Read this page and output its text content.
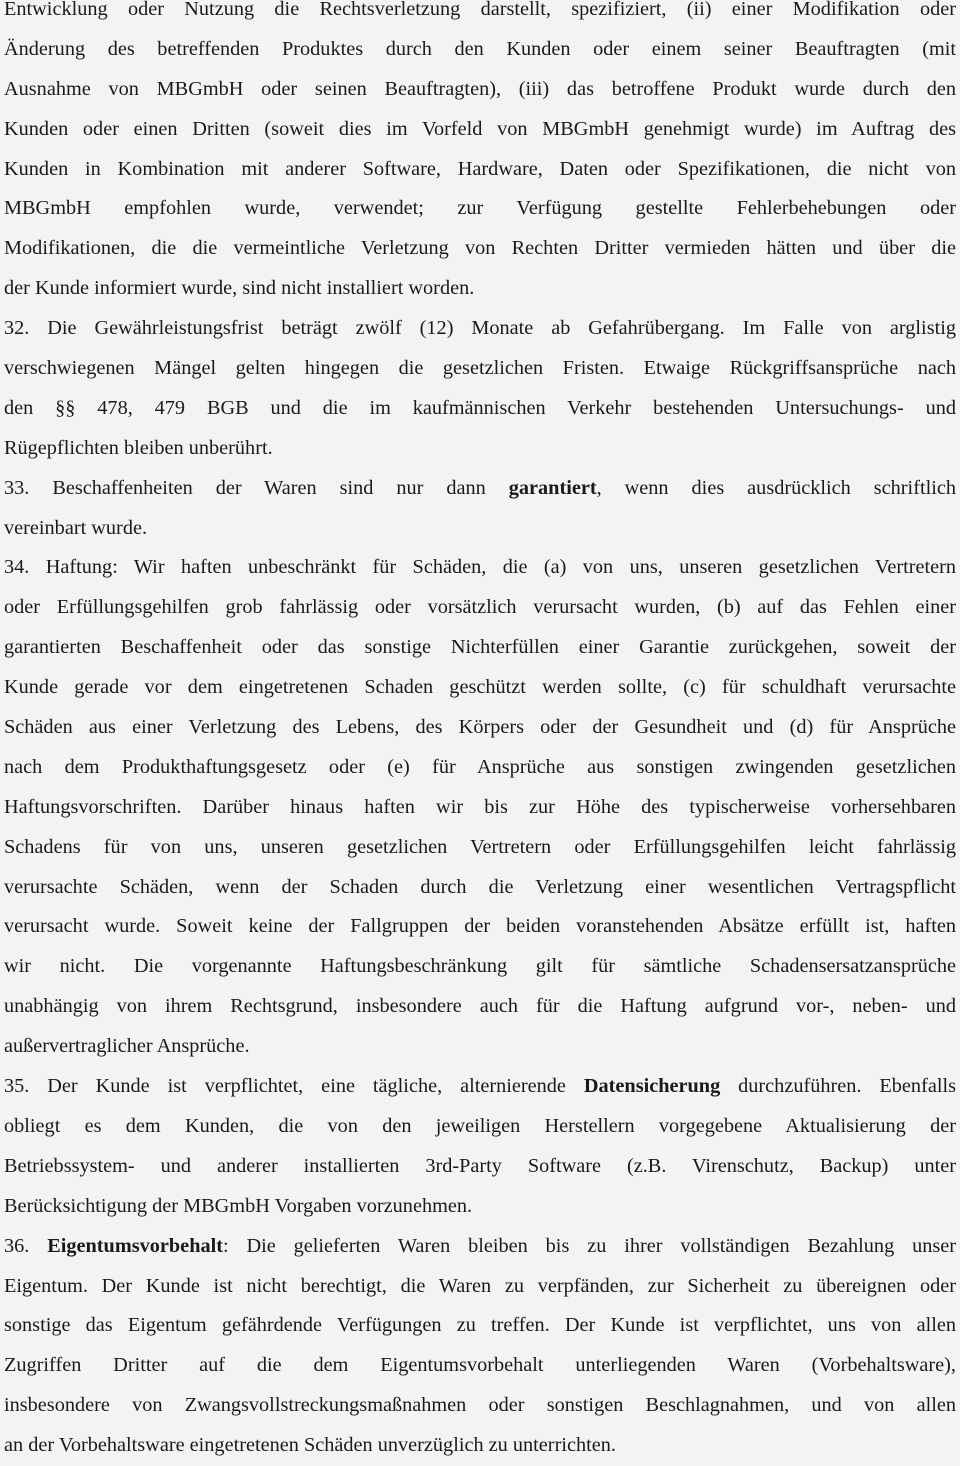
Entwicklung oder Nutzung die Rechtsverletzung darstellt, spezifiziert, (ii) einer Modifikation oder
Änderung des betreffenden Produktes durch den Kunden oder einem seiner Beauftragten (mit
Ausnahme von MBGmbH oder seinen Beauftragten), (iii) das betroffene Produkt wurde durch den
Kunden oder einen Dritten (soweit dies im Vorfeld von MBGmbH genehmigt wurde) im Auftrag des
Kunden in Kombination mit anderer Software, Hardware, Daten oder Spezifikationen, die nicht von
MBGmbH empfohlen wurde, verwendet; zur Verfügung gestellte Fehlerbehebungen oder
Modifikationen, die die vermeintliche Verletzung von Rechten Dritter vermieden hätten und über die
der Kunde informiert wurde, sind nicht installiert worden.
32. Die Gewährleistungsfrist beträgt zwölf (12) Monate ab Gefahrübergang. Im Falle von arglistig
verschwiegenen Mängel gelten hingegen die gesetzlichen Fristen. Etwaige Rückgriffsansprüche nach
den §§ 478, 479 BGB und die im kaufmännischen Verkehr bestehenden Untersuchungs- und
Rügepflichten bleiben unberührt.
33. Beschaffenheiten der Waren sind nur dann garantiert, wenn dies ausdrücklich schriftlich
vereinbart wurde.
34. Haftung: Wir haften unbeschränkt für Schäden, die (a) von uns, unseren gesetzlichen Vertretern
oder Erfüllungsgehilfen grob fahrlässig oder vorsätzlich verursacht wurden, (b) auf das Fehlen einer
garantierten Beschaffenheit oder das sonstige Nichterfüllen einer Garantie zurückgehen, soweit der
Kunde gerade vor dem eingetretenen Schaden geschützt werden sollte, (c) für schuldhaft verursachte
Schäden aus einer Verletzung des Lebens, des Körpers oder der Gesundheit und (d) für Ansprüche
nach dem Produkthaftungsgesetz oder (e) für Ansprüche aus sonstigen zwingenden gesetzlichen
Haftungsvorschriften. Darüber hinaus haften wir bis zur Höhe des typischerweise vorhersehbaren
Schadens für von uns, unseren gesetzlichen Vertretern oder Erfüllungsgehilfen leicht fahrlässig
verursachte Schäden, wenn der Schaden durch die Verletzung einer wesentlichen Vertragspflicht
verursacht wurde. Soweit keine der Fallgruppen der beiden voranstehenden Absätze erfüllt ist, haften
wir nicht. Die vorgenannte Haftungsbeschränkung gilt für sämtliche Schadensersatzansprüche
unabhängig von ihrem Rechtsgrund, insbesondere auch für die Haftung aufgrund vor-, neben- und
außervertraglicher Ansprüche.
35. Der Kunde ist verpflichtet, eine tägliche, alternierende Datensicherung durchzuführen. Ebenfalls
obliegt es dem Kunden, die von den jeweiligen Herstellern vorgegebene Aktualisierung der
Betriebssystem- und anderer installierten 3rd-Party Software (z.B. Virenschutz, Backup) unter
Berücksichtigung der MBGmbH Vorgaben vorzunehmen.
36. Eigentumsvorbehalt: Die gelieferten Waren bleiben bis zu ihrer vollständigen Bezahlung unser
Eigentum. Der Kunde ist nicht berechtigt, die Waren zu verpfänden, zur Sicherheit zu übereignen oder
sonstige das Eigentum gefährdende Verfügungen zu treffen. Der Kunde ist verpflichtet, uns von allen
Zugriffen Dritter auf die dem Eigentumsvorbehalt unterliegenden Waren (Vorbehaltsware),
insbesondere von Zwangsvollstreckungsmaßnahmen oder sonstigen Beschlagnahmen, und von allen
an der Vorbehaltsware eingetretenen Schäden unverzüglich zu unterrichten.
